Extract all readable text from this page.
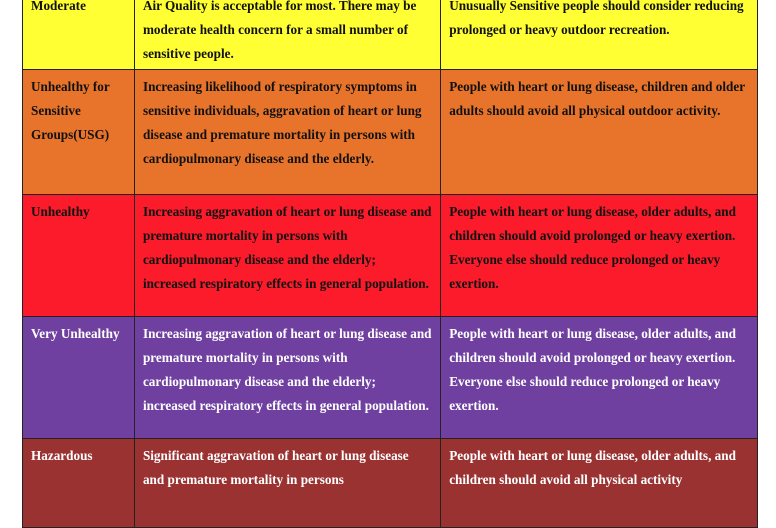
Moderate	Air Quality is acceptable for most. There may be moderate health concern for a small number of sensitive people.	Unusually Sensitive people should consider reducing prolonged or heavy outdoor recreation.
Unhealthy for Sensitive Groups(USG)	Increasing likelihood of respiratory symptoms in sensitive individuals, aggravation of heart or lung disease and premature mortality in persons with cardiopulmonary disease and the elderly.	People with heart or lung disease, children and older adults should avoid all physical outdoor activity.
Unhealthy	Increasing aggravation of heart or lung disease and premature mortality in persons with cardiopulmonary disease and the elderly; increased respiratory effects in general population.	People with heart or lung disease, older adults, and children should avoid prolonged or heavy exertion. Everyone else should reduce prolonged or heavy exertion.
Very Unhealthy	Increasing aggravation of heart or lung disease and premature mortality in persons with cardiopulmonary disease and the elderly; increased respiratory effects in general population.	People with heart or lung disease, older adults, and children should avoid prolonged or heavy exertion. Everyone else should reduce prolonged or heavy exertion.
Hazardous	Significant aggravation of heart or lung disease and premature mortality in persons	People with heart or lung disease, older adults, and children should avoid all physical activity
